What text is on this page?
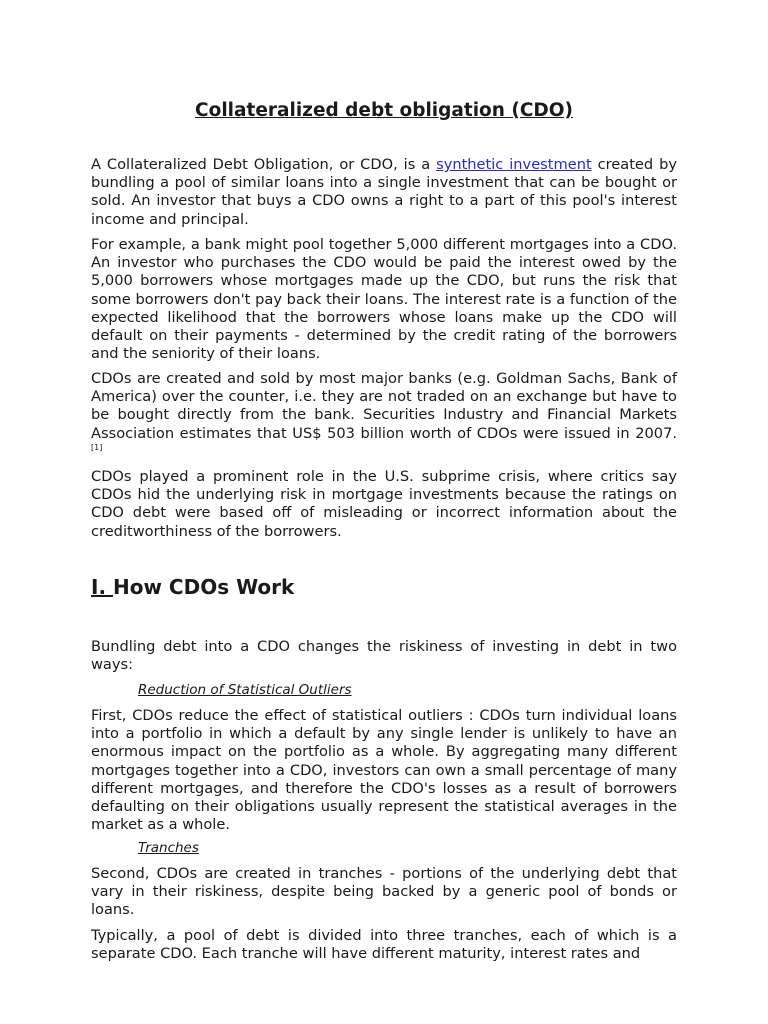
Collateralized debt obligation (CDO)

A Collateralized Debt Obligation, or CDO, is a synthetic investment created by bundling a pool of similar loans into a single investment that can be bought or sold. An investor that buys a CDO owns a right to a part of this pool's interest income and principal.

For example, a bank might pool together 5,000 different mortgages into a CDO. An investor who purchases the CDO would be paid the interest owed by the 5,000 borrowers whose mortgages made up the CDO, but runs the risk that some borrowers don't pay back their loans. The interest rate is a function of the expected likelihood that the borrowers whose loans make up the CDO will default on their payments - determined by the credit rating of the borrowers and the seniority of their loans.

CDOs are created and sold by most major banks (e.g. Goldman Sachs, Bank of America) over the counter, i.e. they are not traded on an exchange but have to be bought directly from the bank. Securities Industry and Financial Markets Association estimates that US$ 503 billion worth of CDOs were issued in 2007.[1]

CDOs played a prominent role in the U.S. subprime crisis, where critics say CDOs hid the underlying risk in mortgage investments because the ratings on CDO debt were based off of misleading or incorrect information about the creditworthiness of the borrowers.

I. How CDOs Work

Bundling debt into a CDO changes the riskiness of investing in debt in two ways:

Reduction of Statistical Outliers

First, CDOs reduce the effect of statistical outliers : CDOs turn individual loans into a portfolio in which a default by any single lender is unlikely to have an enormous impact on the portfolio as a whole. By aggregating many different mortgages together into a CDO, investors can own a small percentage of many different mortgages, and therefore the CDO's losses as a result of borrowers defaulting on their obligations usually represent the statistical averages in the market as a whole.

Tranches

Second, CDOs are created in tranches - portions of the underlying debt that vary in their riskiness, despite being backed by a generic pool of bonds or loans.

Typically, a pool of debt is divided into three tranches, each of which is a separate CDO. Each tranche will have different maturity, interest rates and
